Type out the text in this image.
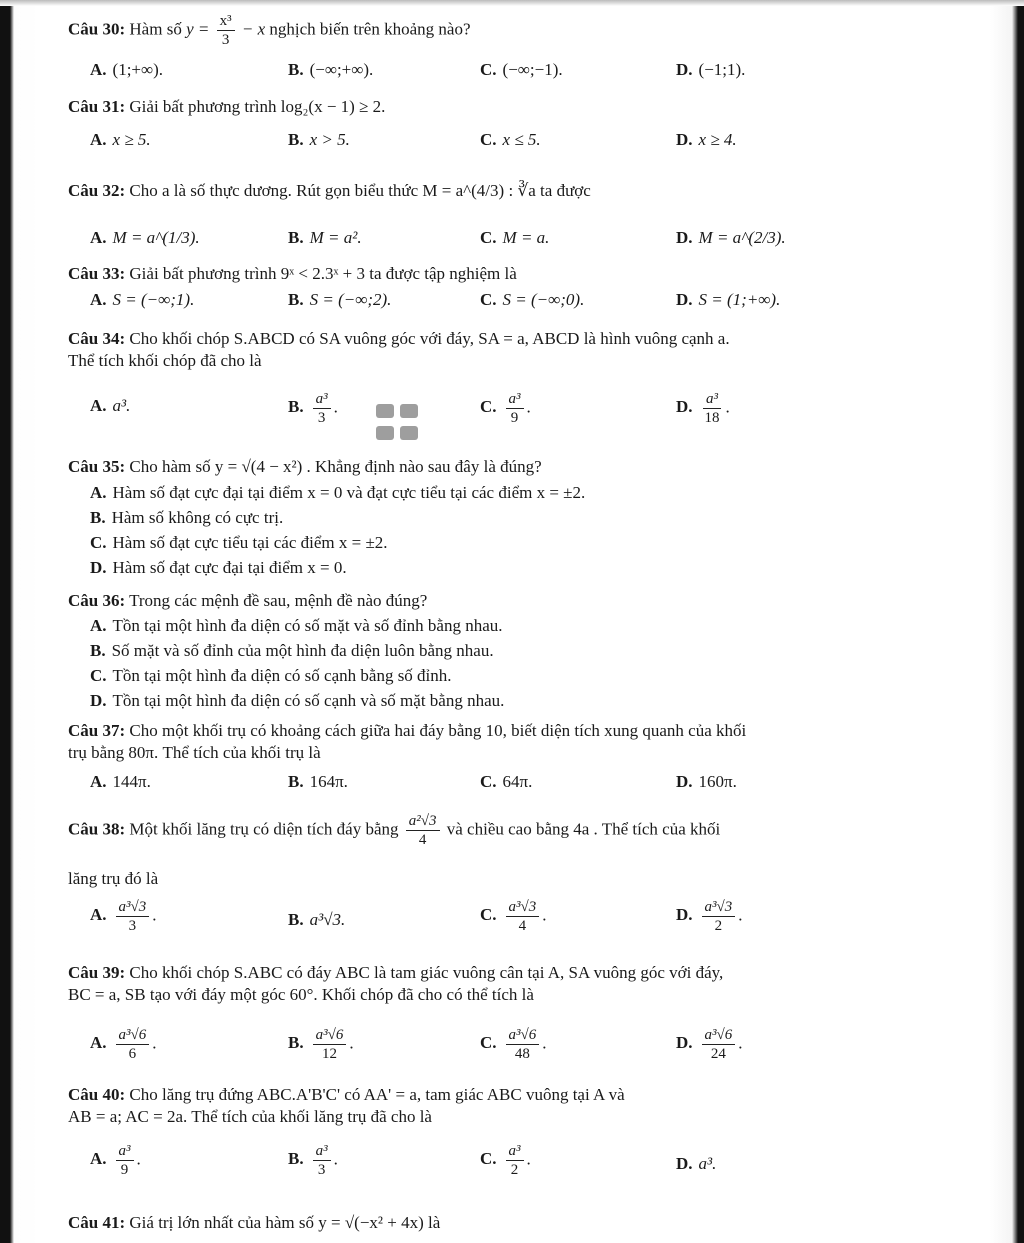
Câu 30: Hàm số $y = \frac{\text{x³}}{3} - x$ nghịch biến trên khoảng nào?
A. (1;+∞).	B. (−∞;+∞).	C. (−∞;−1).	D. (−1;1).
Câu 31: Giải bất phương trình log₂(x − 1) ≥ 2.
A. x ≥ 5.	B. x > 5.	C. x ≤ 5.	D. x ≥ 4.
Câu 32: Cho a là số thực dương. Rút gọn biểu thức M = a^(4/3) : ∛a ta được
A. M = a^(1/3).	B. M = a².	C. M = a.	D. M = a^(2/3).
Câu 33: Giải bất phương trình 9ˣ < 2.3ˣ + 3 ta được tập nghiệm là
A. S = (−∞;1).	B. S = (−∞;2).	C. S = (−∞;0).	D. S = (1;+∞).
Câu 34: Cho khối chóp S.ABCD có SA vuông góc với đáy, SA = a, ABCD là hình vuông cạnh a.
Thể tích khối chóp đã cho là
A. a³.	B. $\frac{\text{a³}}{3}$ .	C. $\frac{\text{a³}}{9}$ .	D. $\frac{\text{a³}}{18}$ .
Câu 35: Cho hàm số y = √(4 − x²) . Khẳng định nào sau đây là đúng?
A. Hàm số đạt cực đại tại điểm x = 0 và đạt cực tiểu tại các điểm x = ±2.
B. Hàm số không có cực trị.
C. Hàm số đạt cực tiểu tại các điểm x = ±2.
D. Hàm số đạt cực đại tại điểm x = 0.
Câu 36: Trong các mệnh đề sau, mệnh đề nào đúng?
A. Tồn tại một hình đa diện có số mặt và số đỉnh bằng nhau.
B. Số mặt và số đỉnh của một hình đa diện luôn bằng nhau.
C. Tồn tại một hình đa diện có số cạnh bằng số đỉnh.
D. Tồn tại một hình đa diện có số cạnh và số mặt bằng nhau.
Câu 37: Cho một khối trụ có khoảng cách giữa hai đáy bằng 10, biết diện tích xung quanh của khối
trụ bằng 80π. Thể tích của khối trụ là
A. 144π.	B. 164π.	C. 64π.	D. 160π.
Câu 38: Một khối lăng trụ có diện tích đáy bằng $\frac{\text{a²√3}}{4}$ và chiều cao bằng 4a . Thể tích của khối
lăng trụ đó là
A. $\frac{\text{a³√3}}{3}$ .	B. a³√3.	C. $\frac{\text{a³√3}}{4}$ .	D. $\frac{\text{a³√3}}{2}$ .
Câu 39: Cho khối chóp S.ABC có đáy ABC là tam giác vuông cân tại A, SA vuông góc với đáy,
BC = a, SB tạo với đáy một góc 60°. Khối chóp đã cho có thể tích là
A. $\frac{\text{a³√6}}{6}$ .	B. $\frac{\text{a³√6}}{12}$ .	C. $\frac{\text{a³√6}}{48}$ .	D. $\frac{\text{a³√6}}{24}$ .
Câu 40: Cho lăng trụ đứng ABC.A'B'C' có AA' = a, tam giác ABC vuông tại A và
AB = a; AC = 2a. Thể tích của khối lăng trụ đã cho là
A. $\frac{\text{a³}}{9}$ .	B. $\frac{\text{a³}}{3}$ .	C. $\frac{\text{a³}}{2}$ .	D. a³.
Câu 41: Giá trị lớn nhất của hàm số y = √(−x² + 4x) là
